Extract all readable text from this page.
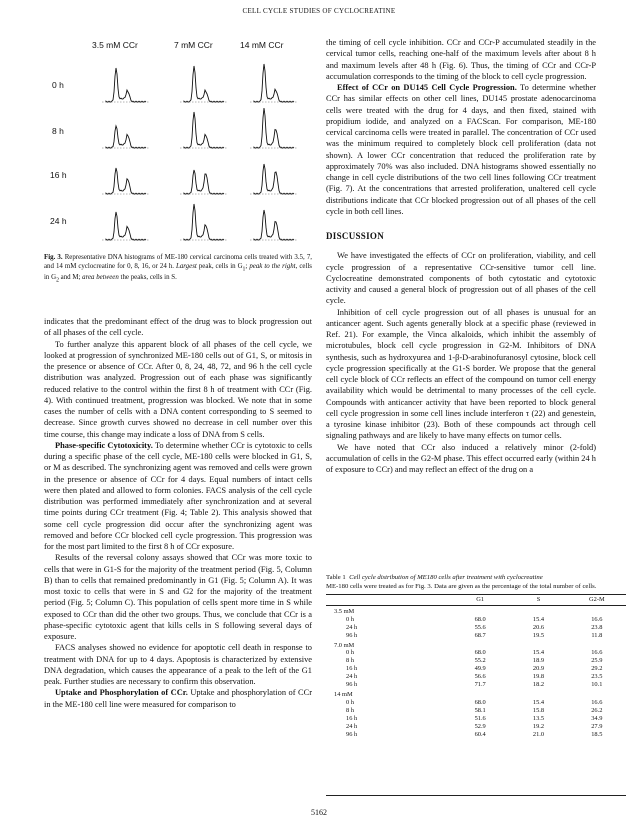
CELL CYCLE STUDIES OF CYCLOCREATINE
3.5 mM CCr	7 mM CCr	14 mM CCr
0 h
8 h
16 h
24 h
Fig. 3. Representative DNA histograms of ME-180 cervical carcinoma cells treated with 3.5, 7, and 14 mM cyclocreatine for 0, 8, 16, or 24 h. Largest peak, cells in $G_1$; peak to the right, cells in $G_2$ and M; area between the peaks, cells in S.

indicates that the predominant effect of the drug was to block progression out of all phases of the cell cycle.

To further analyze this apparent block of all phases of the cell cycle, we looked at progression of synchronized ME-180 cells out of G1, S, or mitosis in the presence or absence of CCr. After 0, 8, 24, 48, 72, and 96 h the cell cycle distribution was analyzed. Progression out of each phase was significantly reduced relative to the control within the first 8 h of treatment with CCr (Fig. 4). With continued treatment, progression was blocked. We note that in some cases the number of cells with a DNA content corresponding to S seemed to decrease. Since growth curves showed no decrease in cell number over this time course, this change may indicate a loss of DNA from S cells.

Phase-specific Cytotoxicity. To determine whether CCr is cytotoxic to cells during a specific phase of the cell cycle, ME-180 cells were blocked in G1, S, or M as described. The synchronizing agent was removed and cells were grown in the presence or absence of CCr for 4 days. Equal numbers of intact cells were then plated and allowed to form colonies. FACS analysis of the cell cycle distribution was performed immediately after synchronization and at several time points during CCr treatment (Fig. 4; Table 2). This analysis showed that some cell cycle progression did occur after the synchronizing agent was removed and before CCr blocked cell cycle progression. This progression was for the most part limited to the first 8 h of CCr exposure.

Results of the reversal colony assays showed that CCr was more toxic to cells that were in G1-S for the majority of the treatment period (Fig. 5, Column B) than to cells that remained predominantly in G1 (Fig. 5; Column A). It was most toxic to cells that were in S and G2 for the majority of the treatment period (Fig. 5; Column C). This population of cells spent more time in S while exposed to CCr than did the other two groups. Thus, we conclude that CCr is a phase-specific cytotoxic agent that kills cells in S following several days of exposure.

FACS analyses showed no evidence for apoptotic cell death in response to treatment with DNA for up to 4 days. Apoptosis is characterized by extensive DNA degradation, which causes the appearance of a peak to the left of the G1 peak. Further studies are necessary to confirm this observation.

Uptake and Phosphorylation of CCr. Uptake and phosphorylation of CCr in the ME-180 cell line were measured for comparison to

the timing of cell cycle inhibition. CCr and CCr-P accumulated steadily in the cervical tumor cells, reaching one-half of the maximum levels after about 8 h and maximum levels after 48 h (Fig. 6). Thus, the timing of CCr and CCr-P accumulation corresponds to the timing of the block to cell cycle progression.

Effect of CCr on DU145 Cell Cycle Progression. To determine whether CCr has similar effects on other cell lines, DU145 prostate adenocarcinoma cells were treated with the drug for 4 days, and then fixed, stained with propidium iodide, and analyzed on a FACScan. For comparison, ME-180 cervical carcinoma cells were treated in parallel. The concentration of CCr used was the minimum required to completely block cell proliferation (data not shown). A lower CCr concentration that reduced the proliferation rate by approximately 70% was also included. DNA histograms showed essentially no change in cell cycle distributions of the two cell lines following CCr treatment (Fig. 7). At the concentrations that arrested proliferation, unaltered cell cycle distributions indicate that CCr blocked progression out of all phases of the cell cycle in both cell lines.

DISCUSSION

We have investigated the effects of CCr on proliferation, viability, and cell cycle progression of a representative CCr-sensitive tumor cell line. Cyclocreatine demonstrated components of both cytostatic and cytotoxic activity and caused a general block of progression out of all phases of the cell cycle.

Inhibition of cell cycle progression out of all phases is unusual for an anticancer agent. Such agents generally block at a specific phase (reviewed in Ref. 21). For example, the Vinca alkaloids, which inhibit the assembly of microtubules, block cell cycle progression in G2-M. Inhibitors of DNA synthesis, such as hydroxyurea and 1-β-D-arabinofuranosyl cytosine, block cell cycle progression specifically at the G1-S border. We propose that the general cell cycle block of CCr reflects an effect of the compound on tumor cell energy availability which would be detrimental to many processes of the cell cycle. Compounds with anticancer activity that have been reported to block general cell cycle progression in some cell lines include interferon τ (22) and genestein, a tyrosine kinase inhibitor (23). Both of these compounds act through cell signaling pathways and are likely to have many effects on tumor cells.

We have noted that CCr also induced a relatively minor (2-fold) accumulation of cells in the G2-M phase. This effect occurred early (within 24 h of exposure to CCr) and may reflect an effect of the drug on a

Table 1 Cell cycle distribution of ME180 cells after treatment with cyclocreatine
ME-180 cells were treated as for Fig. 3. Data are given as the percentage of the total number of cells.
	G1	S	G2-M
3.5 mM			
0 h	68.0	15.4	16.6
24 h	55.6	20.6	23.8
96 h	68.7	19.5	11.8
7.0 mM			
0 h	68.0	15.4	16.6
8 h	55.2	18.9	25.9
16 h	49.9	20.9	29.2
24 h	56.6	19.8	23.5
96 h	71.7	18.2	10.1
14 mM			
0 h	68.0	15.4	16.6
8 h	58.1	15.8	26.2
16 h	51.6	13.5	34.9
24 h	52.9	19.2	27.9
96 h	60.4	21.0	18.5
5162
